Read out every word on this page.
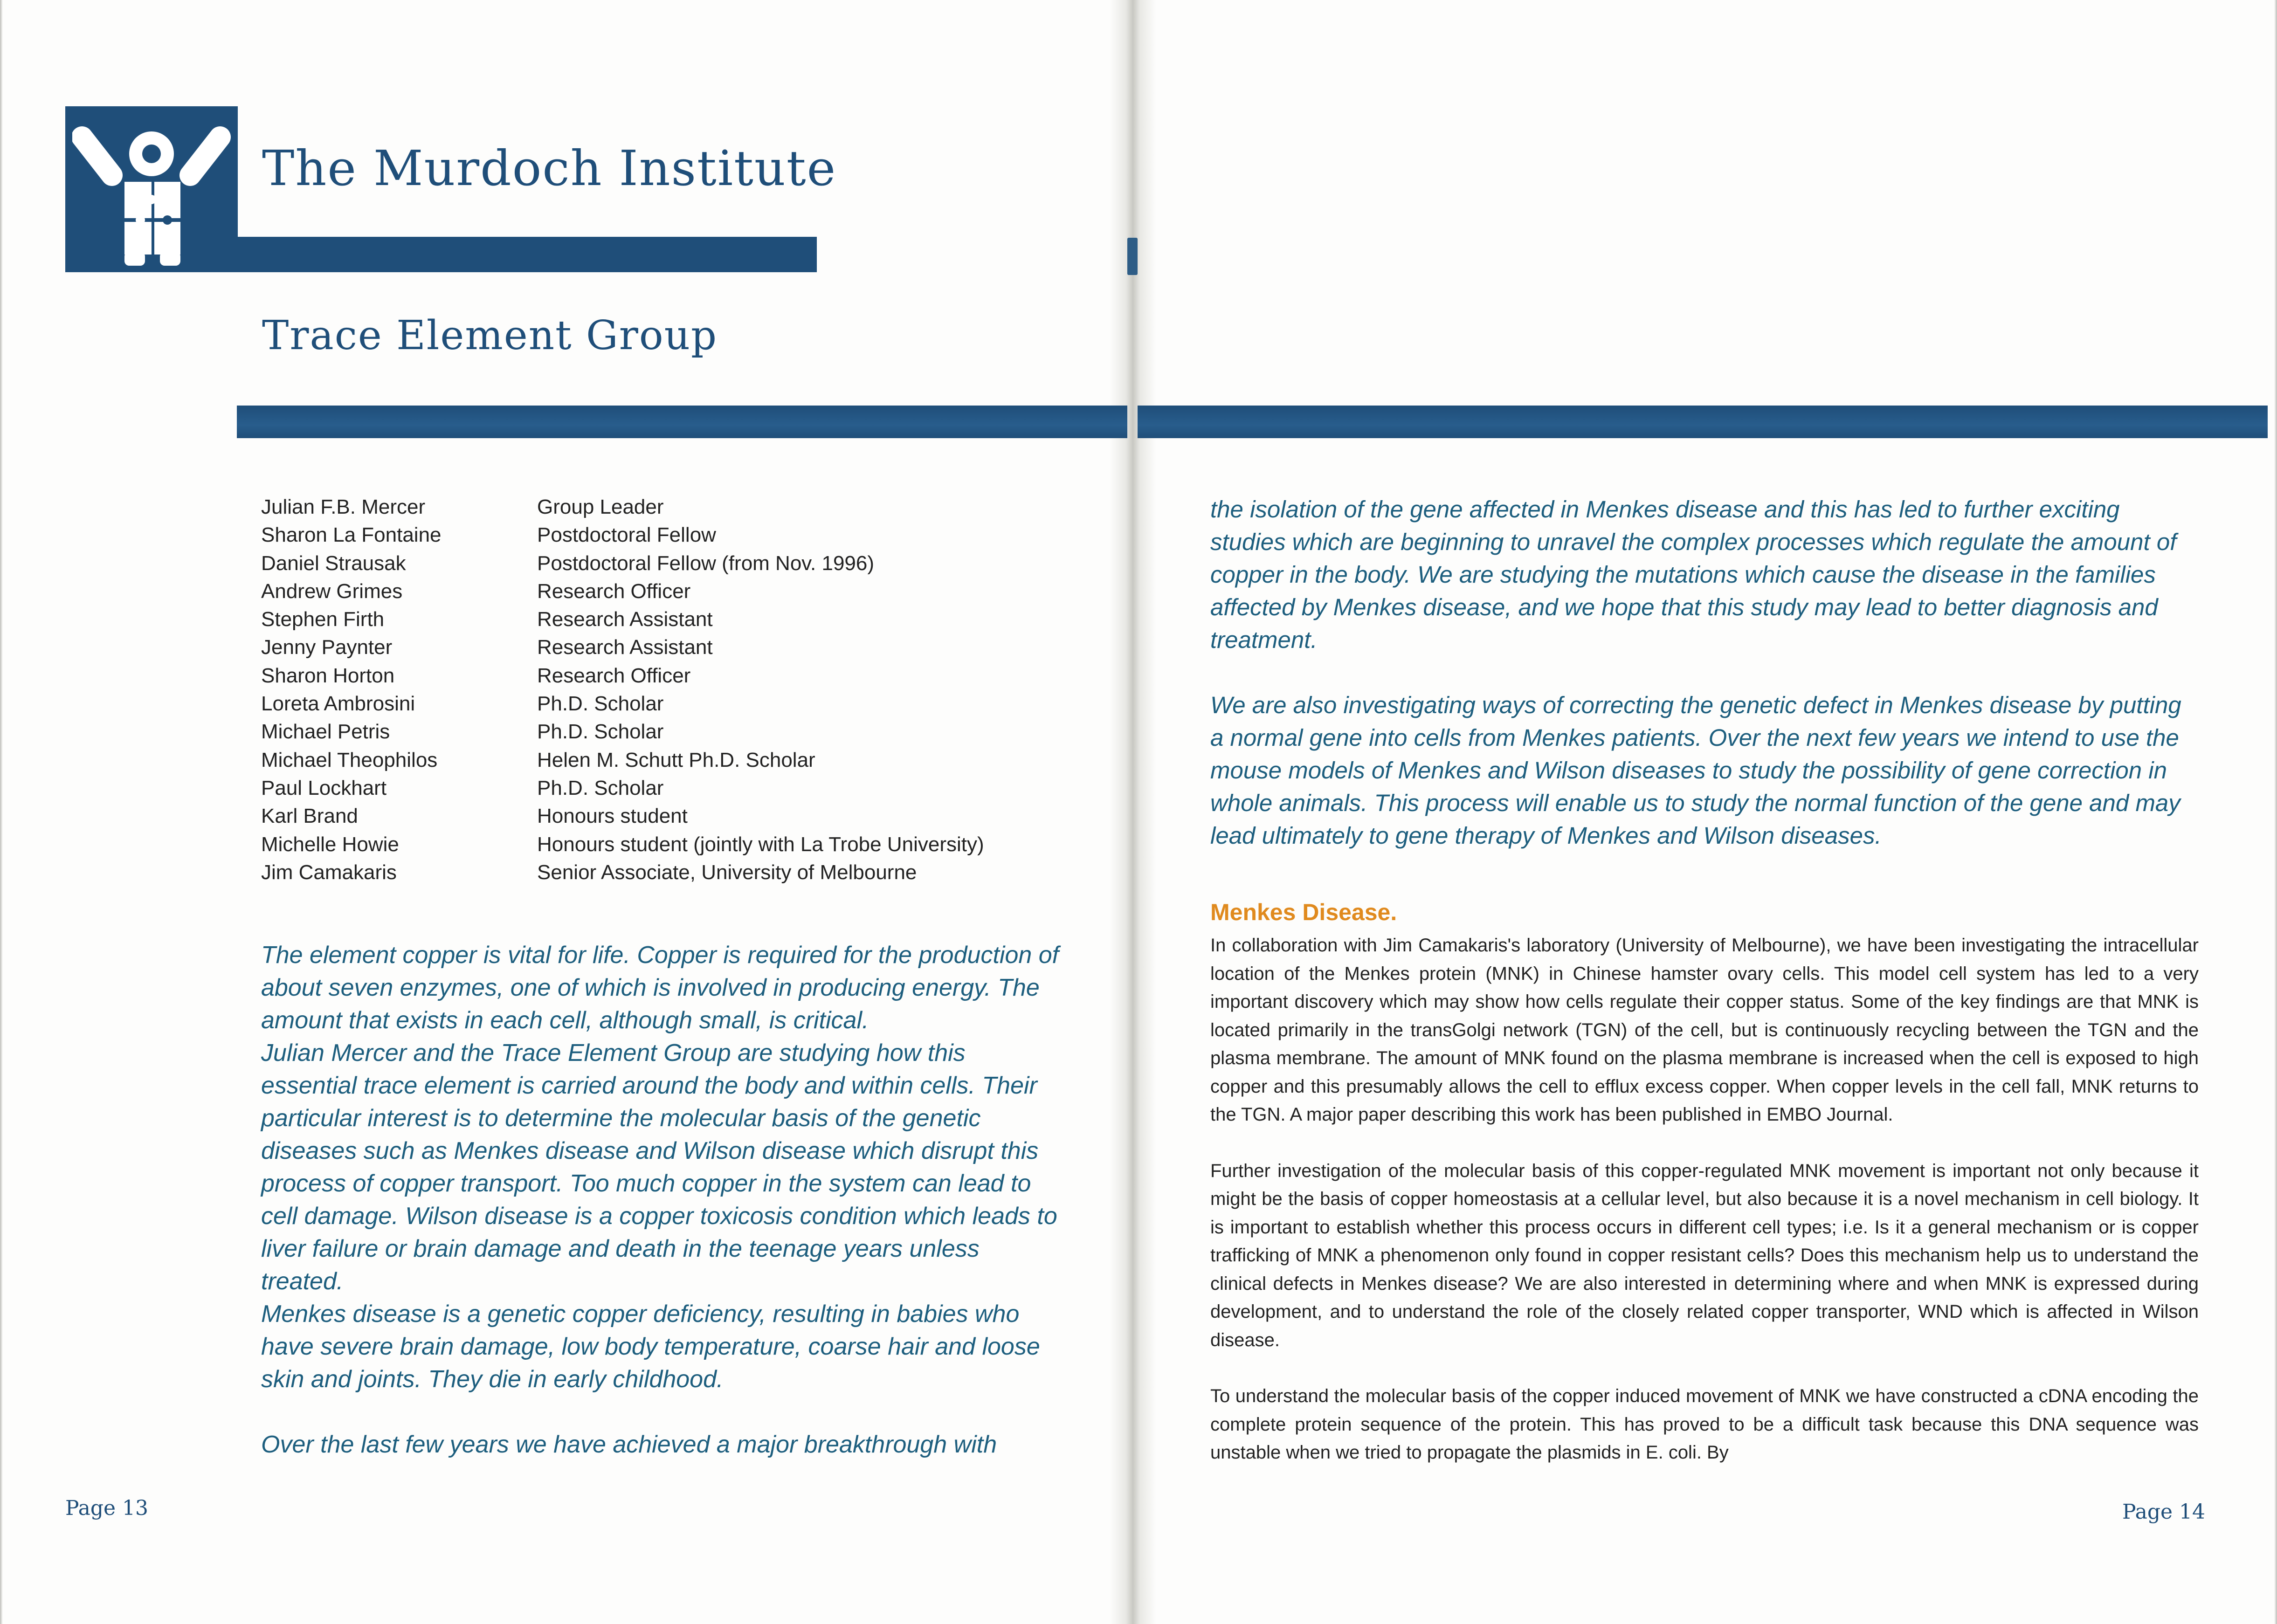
The Murdoch Institute
Trace Element Group
Julian F.B. Mercer	Group Leader
Sharon La Fontaine	Postdoctoral Fellow
Daniel Strausak	Postdoctoral Fellow (from Nov. 1996)
Andrew Grimes	Research Officer
Stephen Firth	Research Assistant
Jenny Paynter	Research Assistant
Sharon Horton	Research Officer
Loreta Ambrosini	Ph.D. Scholar
Michael Petris	Ph.D. Scholar
Michael Theophilos	Helen M. Schutt Ph.D. Scholar
Paul Lockhart	Ph.D. Scholar
Karl Brand	Honours student
Michelle Howie	Honours student (jointly with La Trobe University)
Jim Camakaris	Senior Associate, University of Melbourne

The element copper is vital for life. Copper is required for the production of about seven enzymes, one of which is involved in producing energy. The amount that exists in each cell, although small, is critical.

Julian Mercer and the Trace Element Group are studying how this essential trace element is carried around the body and within cells. Their particular interest is to determine the molecular basis of the genetic diseases such as Menkes disease and Wilson disease which disrupt this process of copper transport. Too much copper in the system can lead to cell damage. Wilson disease is a copper toxicosis condition which leads to liver failure or brain damage and death in the teenage years unless treated.

Menkes disease is a genetic copper deficiency, resulting in babies who have severe brain damage, low body temperature, coarse hair and loose skin and joints. They die in early childhood.

Over the last few years we have achieved a major breakthrough with

Page 13

the isolation of the gene affected in Menkes disease and this has led to further exciting studies which are beginning to unravel the complex processes which regulate the amount of copper in the body. We are studying the mutations which cause the disease in the families affected by Menkes disease, and we hope that this study may lead to better diagnosis and treatment.

We are also investigating ways of correcting the genetic defect in Menkes disease by putting a normal gene into cells from Menkes patients. Over the next few years we intend to use the mouse models of Menkes and Wilson diseases to study the possibility of gene correction in whole animals. This process will enable us to study the normal function of the gene and may lead ultimately to gene therapy of Menkes and Wilson diseases.

Menkes Disease.

In collaboration with Jim Camakaris's laboratory (University of Melbourne), we have been investigating the intracellular location of the Menkes protein (MNK) in Chinese hamster ovary cells. This model cell system has led to a very important discovery which may show how cells regulate their copper status. Some of the key findings are that MNK is located primarily in the transGolgi network (TGN) of the cell, but is continuously recycling between the TGN and the plasma membrane. The amount of MNK found on the plasma membrane is increased when the cell is exposed to high copper and this presumably allows the cell to efflux excess copper. When copper levels in the cell fall, MNK returns to the TGN. A major paper describing this work has been published in EMBO Journal.

Further investigation of the molecular basis of this copper-regulated MNK movement is important not only because it might be the basis of copper homeostasis at a cellular level, but also because it is a novel mechanism in cell biology. It is important to establish whether this process occurs in different cell types; i.e. Is it a general mechanism or is copper trafficking of MNK a phenomenon only found in copper resistant cells? Does this mechanism help us to understand the clinical defects in Menkes disease? We are also interested in determining where and when MNK is expressed during development, and to understand the role of the closely related copper transporter, WND which is affected in Wilson disease.

To understand the molecular basis of the copper induced movement of MNK we have constructed a cDNA encoding the complete protein sequence of the protein. This has proved to be a difficult task because this DNA sequence was unstable when we tried to propagate the plasmids in E. coli. By

Page 14
